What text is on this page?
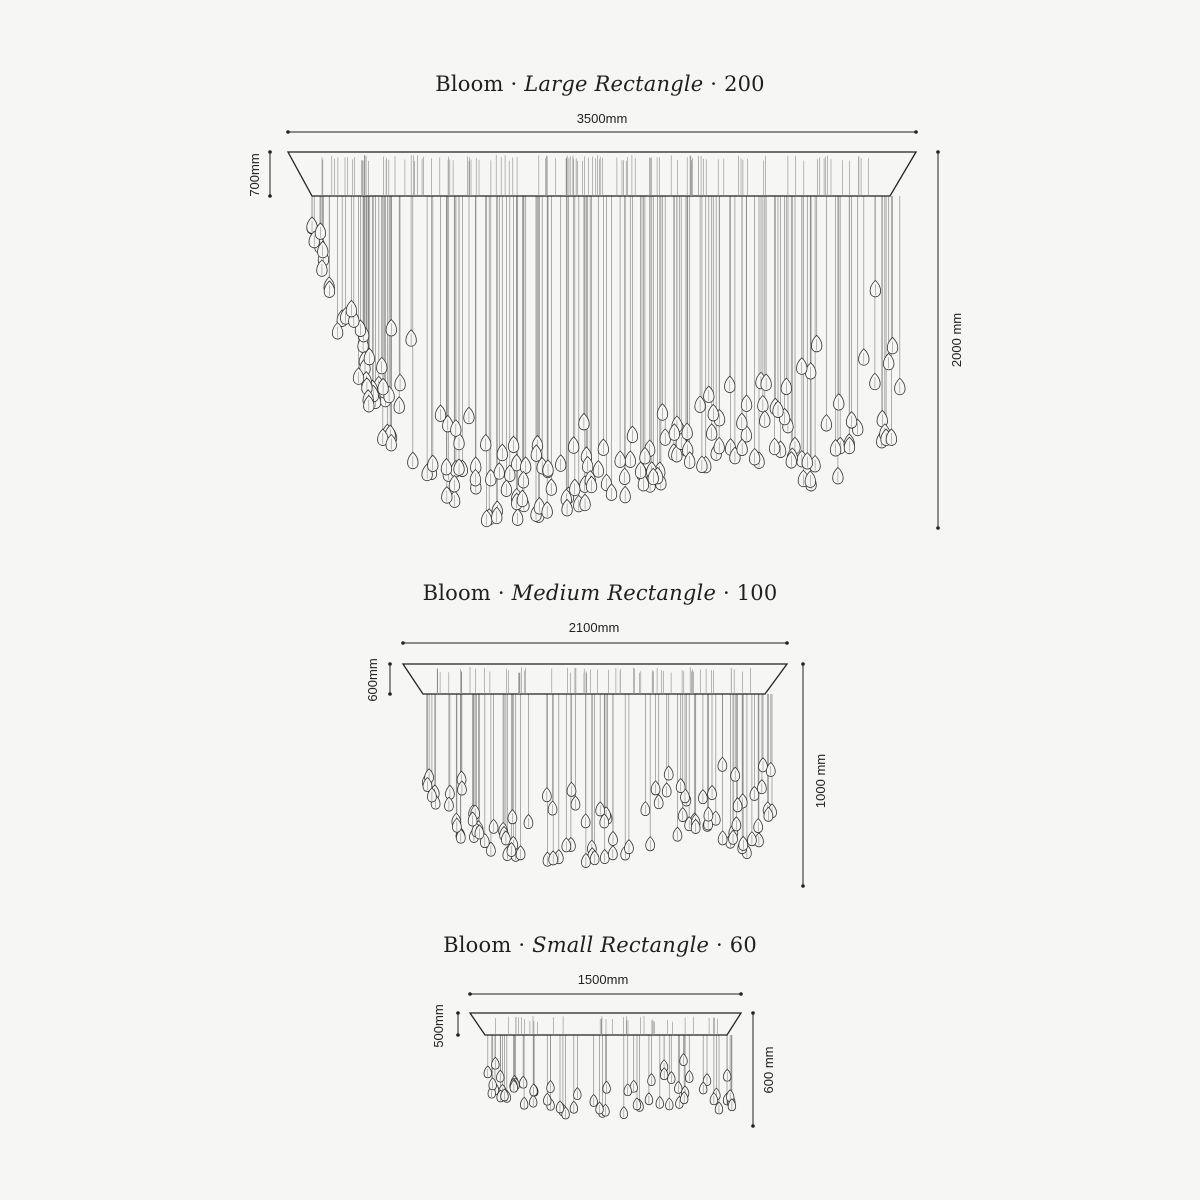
Bloom · Large Rectangle · 200
Bloom · Medium Rectangle · 100
Bloom · Small Rectangle · 60
3500mm
700mm
2000 mm
2100mm
600mm
1000 mm
1500mm
500mm
600 mm
